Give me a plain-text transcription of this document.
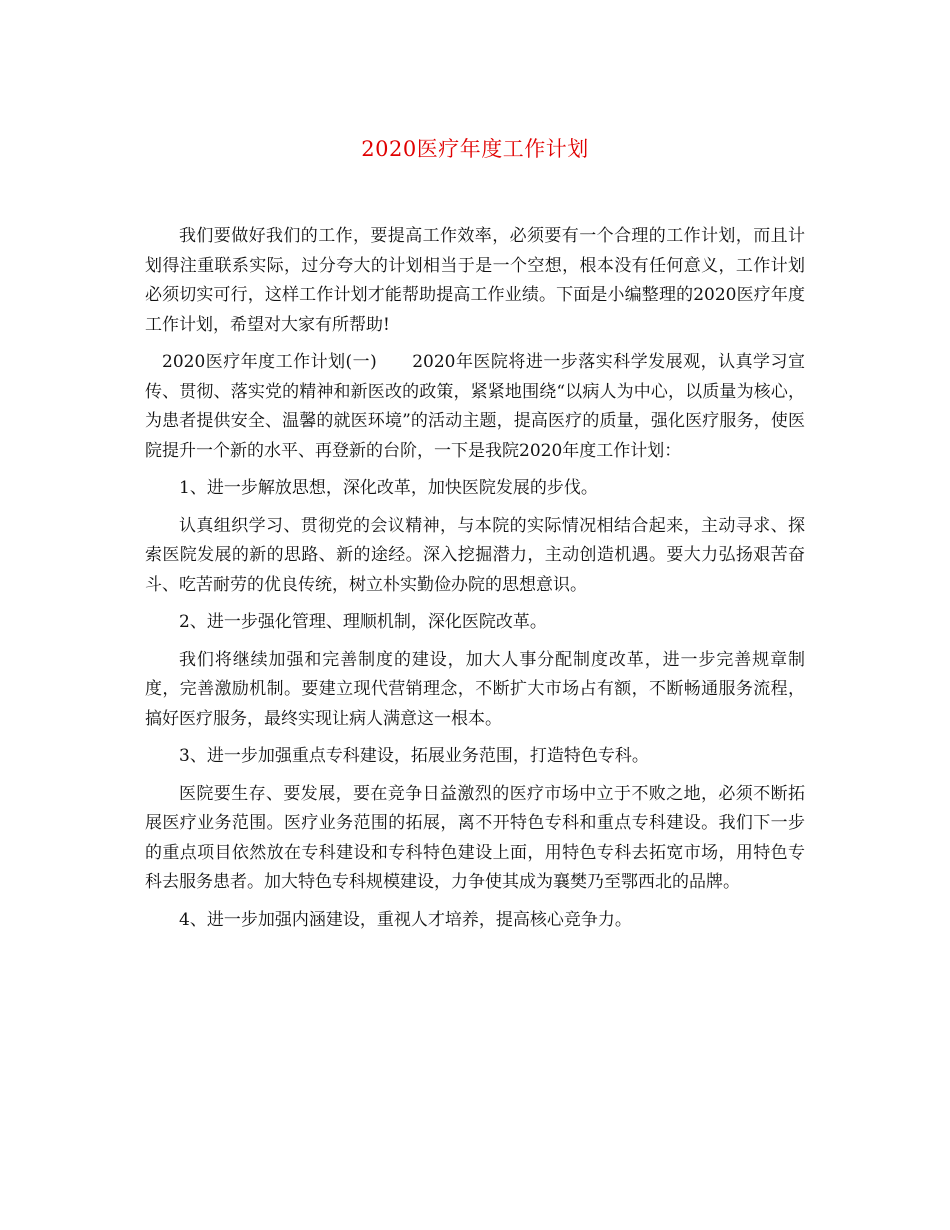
2020医疗年度工作计划

我们要做好我们的工作，要提高工作效率，必须要有一个合理的工作计划，而且计划得注重联系实际，过分夸大的计划相当于是一个空想，根本没有任何意义，工作计划必须切实可行，这样工作计划才能帮助提高工作业绩。下面是小编整理的2020医疗年度工作计划，希望对大家有所帮助!

2020医疗年度工作计划(一)　　2020年医院将进一步落实科学发展观，认真学习宣传、贯彻、落实党的精神和新医改的政策，紧紧地围绕“以病人为中心，以质量为核心，为患者提供安全、温馨的就医环境”的活动主题，提高医疗的质量，强化医疗服务，使医院提升一个新的水平、再登新的台阶，一下是我院2020年度工作计划：

1、进一步解放思想，深化改革，加快医院发展的步伐。

认真组织学习、贯彻党的会议精神，与本院的实际情况相结合起来，主动寻求、探索医院发展的新的思路、新的途经。深入挖掘潜力，主动创造机遇。要大力弘扬艰苦奋斗、吃苦耐劳的优良传统，树立朴实勤俭办院的思想意识。

2、进一步强化管理、理顺机制，深化医院改革。

我们将继续加强和完善制度的建设，加大人事分配制度改革，进一步完善规章制度，完善激励机制。要建立现代营销理念，不断扩大市场占有额，不断畅通服务流程，搞好医疗服务，最终实现让病人满意这一根本。

3、进一步加强重点专科建设，拓展业务范围，打造特色专科。

医院要生存、要发展，要在竞争日益激烈的医疗市场中立于不败之地，必须不断拓展医疗业务范围。医疗业务范围的拓展，离不开特色专科和重点专科建设。我们下一步的重点项目依然放在专科建设和专科特色建设上面，用特色专科去拓宽市场，用特色专科去服务患者。加大特色专科规模建设，力争使其成为襄樊乃至鄂西北的品牌。

4、进一步加强内涵建设，重视人才培养，提高核心竞争力。
